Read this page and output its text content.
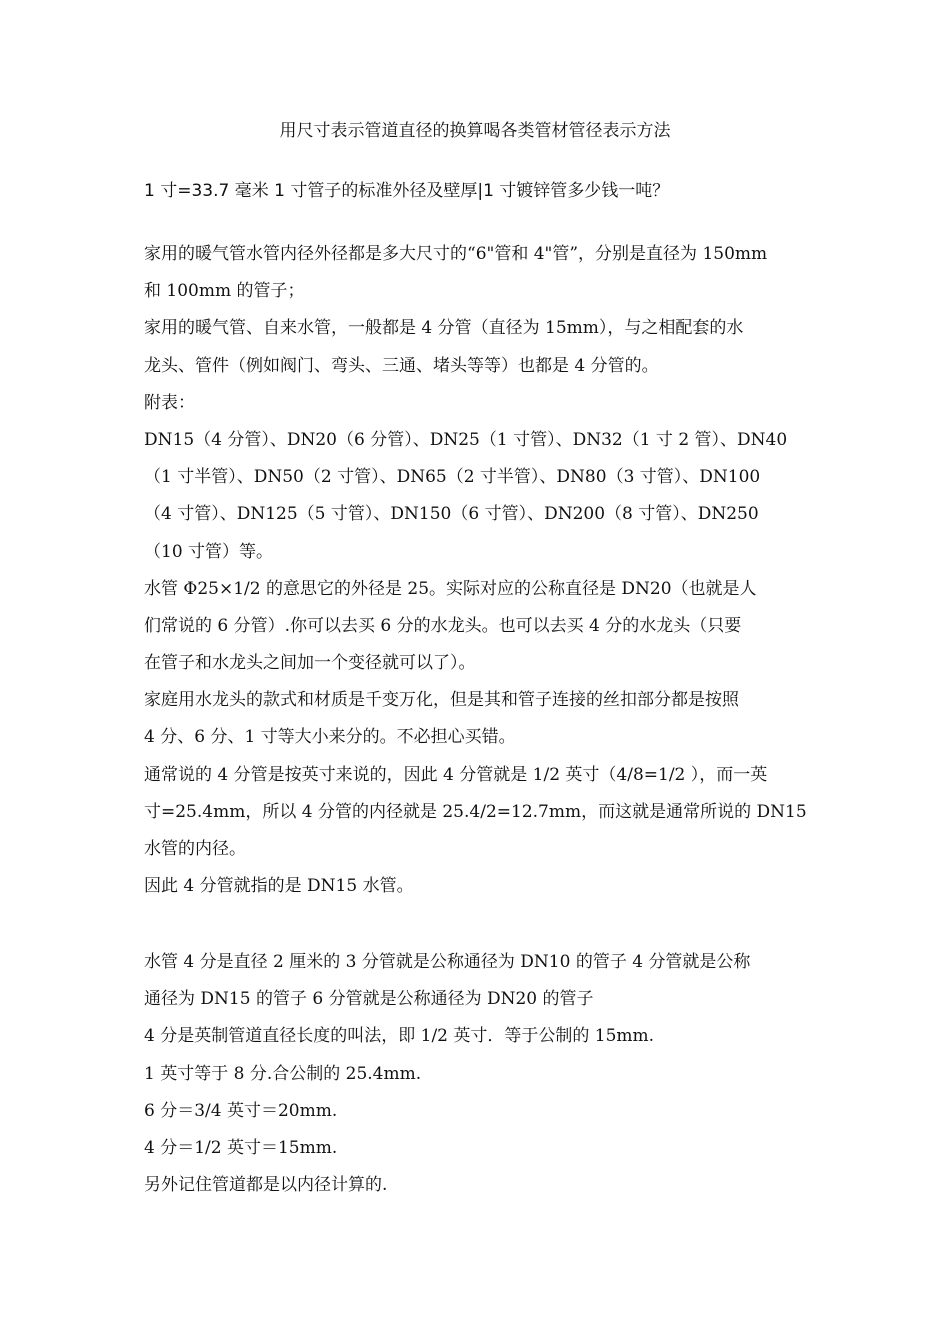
用尺寸表示管道直径的换算喝各类管材管径表示方法
1 寸=33.7 毫米 1 寸管子的标准外径及壁厚|1 寸镀锌管多少钱一吨？
家用的暖气管水管内径外径都是多大尺寸的“6"管和 4"管”，分别是直径为 150mm
和 100mm 的管子；
家用的暖气管、自来水管，一般都是 4 分管（直径为 15mm），与之相配套的水
龙头、管件（例如阀门、弯头、三通、堵头等等）也都是 4 分管的。
附表：
DN15（4 分管）、DN20（6 分管）、DN25（1 寸管）、DN32（1 寸 2 管）、DN40
（1 寸半管）、DN50（2 寸管）、DN65（2 寸半管）、DN80（3 寸管）、DN100
（4 寸管）、DN125（5 寸管）、DN150（6 寸管）、DN200（8 寸管）、DN250
（10 寸管）等。
水管 Φ25×1/2 的意思它的外径是 25。实际对应的公称直径是 DN20（也就是人
们常说的 6 分管）.你可以去买 6 分的水龙头。也可以去买 4 分的水龙头（只要
在管子和水龙头之间加一个变径就可以了）。
家庭用水龙头的款式和材质是千变万化，但是其和管子连接的丝扣部分都是按照
4 分、6 分、1 寸等大小来分的。不必担心买错。
通常说的 4 分管是按英寸来说的，因此 4 分管就是 1/2 英寸（4/8=1/2 ），而一英
寸=25.4mm，所以 4 分管的内径就是 25.4/2=12.7mm，而这就是通常所说的 DN15
水管的内径。
因此 4 分管就指的是 DN15 水管。
水管 4 分是直径 2 厘米的 3 分管就是公称通径为 DN10 的管子 4 分管就是公称
通径为 DN15 的管子 6 分管就是公称通径为 DN20 的管子
4 分是英制管道直径长度的叫法，即 1/2 英寸．等于公制的 15mm.
1 英寸等于 8 分.合公制的 25.4mm.
6 分＝3/4 英寸＝20mm.
4 分＝1/2 英寸＝15mm.
另外记住管道都是以内径计算的.
